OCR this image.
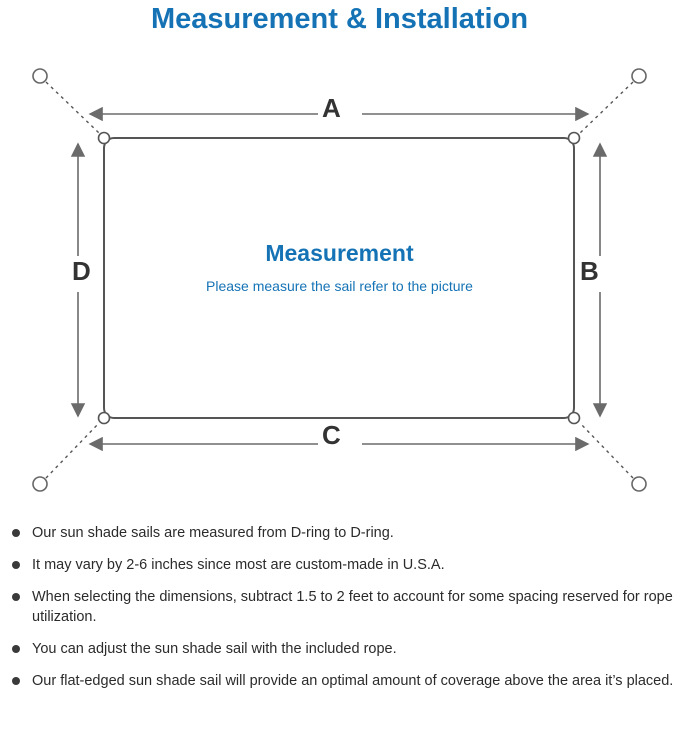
Measurement & Installation
Measurement
Please measure the sail refer to the picture
A
B
C
D
Our sun shade sails are measured from D-ring to D-ring.
It may vary by 2-6 inches since most are custom-made in U.S.A.
When selecting the dimensions, subtract 1.5 to 2 feet to account for some spacing reserved for rope utilization.
You can adjust the sun shade sail with the included rope.
Our flat-edged sun shade sail will provide an optimal amount of coverage above the area it’s placed.
